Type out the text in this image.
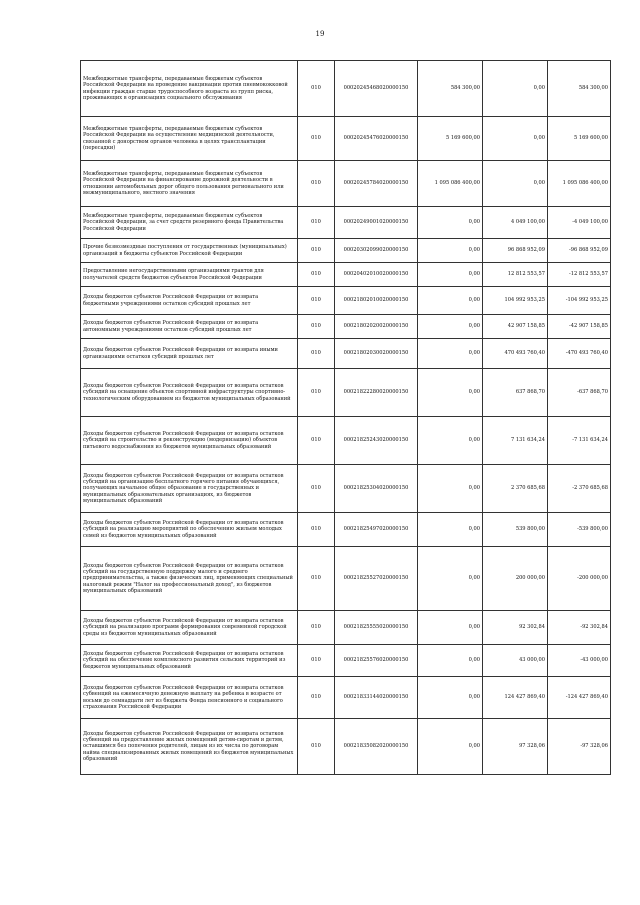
19
Межбюджетные трансферты, передаваемые бюджетам субъектов Российской Федерации на проведение вакцинации против пневмококковой инфекции граждан старше трудоспособного возраста из групп риска, проживающих в организациях социального обслуживания	010	00020245468020000150	584 300,00	0,00	584 300,00
Межбюджетные трансферты, передаваемые бюджетам субъектов Российской Федерации на осуществление медицинской деятельности, связанной с донорством органов человека в целях трансплантации (пересадки)	010	00020245476020000150	5 169 600,00	0,00	5 169 600,00
Межбюджетные трансферты, передаваемые бюджетам субъектов Российской Федерации на финансирование дорожной деятельности в отношении автомобильных дорог общего пользования регионального или межмуниципального, местного значения	010	00020245784020000150	1 095 086 400,00	0,00	1 095 086 400,00
Межбюджетные трансферты, передаваемые бюджетам субъектов Российской Федерации, за счет средств резервного фонда Правительства Российской Федерации	010	00020249001020000150	0,00	4 049 100,00	-4 049 100,00
Прочие безвозмездные поступления от государственных (муниципальных) организаций в бюджеты субъектов Российской Федерации	010	00020302099020000150	0,00	96 868 952,09	-96 868 952,09
Предоставление негосударственными организациями грантов для получателей средств бюджетов субъектов Российской Федерации	010	00020402010020000150	0,00	12 812 553,57	-12 812 553,57
Доходы бюджетов субъектов Российской Федерации от возврата бюджетными учреждениями остатков субсидий прошлых лет	010	00021802010020000150	0,00	104 992 953,25	-104 992 953,25
Доходы бюджетов субъектов Российской Федерации от возврата автономными учреждениями остатков субсидий прошлых лет	010	00021802020020000150	0,00	42 907 158,85	-42 907 158,85
Доходы бюджетов субъектов Российской Федерации от возврата иными организациями остатков субсидий прошлых лет	010	00021802030020000150	0,00	470 493 760,40	-470 493 760,40
Доходы бюджетов субъектов Российской Федерации от возврата остатков субсидий на оснащение объектов спортивной инфраструктуры спортивно-технологическим оборудованием из бюджетов муниципальных образований	010	00021822280020000150	0,00	637 868,70	-637 868,70
Доходы бюджетов субъектов Российской Федерации от возврата остатков субсидий на строительство и реконструкцию (модернизацию) объектов питьевого водоснабжения из бюджетов муниципальных образований	010	00021825243020000150	0,00	7 131 634,24	-7 131 634,24
Доходы бюджетов субъектов Российской Федерации от возврата остатков субсидий на организацию бесплатного горячего питания обучающихся, получающих начальное общее образование в государственных и муниципальных образовательных организациях, из бюджетов муниципальных образований	010	00021825304020000150	0,00	2 370 685,68	-2 370 685,68
Доходы бюджетов субъектов Российской Федерации от возврата остатков субсидий на реализацию мероприятий по обеспечению жильем молодых семей из бюджетов муниципальных образований	010	00021825497020000150	0,00	539 800,00	-539 800,00
Доходы бюджетов субъектов Российской Федерации от возврата остатков субсидий на государственную поддержку малого и среднего предпринимательства, а также физических лиц, применяющих специальный налоговый режим "Налог на профессиональный доход", из бюджетов муниципальных образований	010	00021825527020000150	0,00	200 000,00	-200 000,00
Доходы бюджетов субъектов Российской Федерации от возврата остатков субсидий на реализацию программ формирования современной городской среды из бюджетов муниципальных образований	010	00021825555020000150	0,00	92 302,84	-92 302,84
Доходы бюджетов субъектов Российской Федерации от возврата остатков субсидий на обеспечение комплексного развития сельских территорий из бюджетов муниципальных образований	010	00021825576020000150	0,00	43 000,00	-43 000,00
Доходы бюджетов субъектов Российской Федерации от возврата остатков субвенций на ежемесячную денежную выплату на ребенка в возрасте от восьми до семнадцати лет из бюджета Фонда пенсионного и социального страхования Российской Федерации	010	00021833144020000150	0,00	124 427 869,40	-124 427 869,40
Доходы бюджетов субъектов Российской Федерации от возврата остатков субвенций на предоставление жилых помещений детям-сиротам и детям, оставшимся без попечения родителей, лицам из их числа по договорам найма специализированных жилых помещений из бюджетов муниципальных образований	010	00021835082020000150	0,00	97 328,06	-97 328,06
